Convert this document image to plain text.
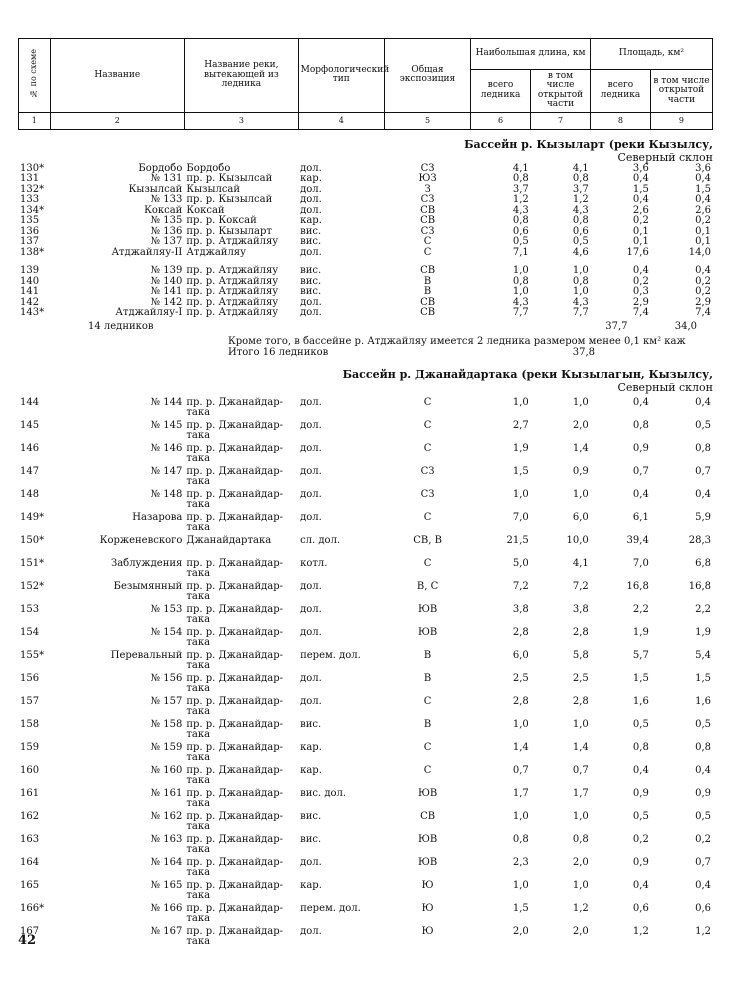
№ по схеме	Название	Название реки, вытекающей из ледника	Морфологический тип	Общая экспозиция	Наибольшая длина, км		Площадь, км²	
					всего ледника	в том числе открытой части	всего ледника	в том числе открытой части
1	2	3	4	5	6	7	8	9
Бассейн р. Кызыларт (реки Кызылсу,
Северный склон
130*	Бордобо	Бордобо	дол.	СЗ	4,1	4,1	3,6	3,6
131	№ 131	пр. р. Кызылсай	кар.	ЮЗ	0,8	0,8	0,4	0,4
132*	Кызылсай	Кызылсай	дол.	З	3,7	3,7	1,5	1,5
133	№ 133	пр. р. Кызылсай	дол.	СЗ	1,2	1,2	0,4	0,4
134*	Коксай	Коксай	дол.	СВ	4,3	4,3	2,6	2,6
135	№ 135	пр. р. Коксай	кар.	СВ	0,8	0,8	0,2	0,2
136	№ 136	пр. р. Кызыларт	вис.	СЗ	0,6	0,6	0,1	0,1
137	№ 137	пр. р. Атджайляу	вис.	С	0,5	0,5	0,1	0,1
138*	Атджайляу-II	Атджайляу	дол.	С	7,1	4,6	17,6	14,0
139	№ 139	пр. р. Атджайляу	вис.	СВ	1,0	1,0	0,4	0,4
140	№ 140	пр. р. Атджайляу	вис.	В	0,8	0,8	0,2	0,2
141	№ 141	пр. р. Атджайляу	вис.	В	1,0	1,0	0,3	0,2
142	№ 142	пр. р. Атджайляу	дол.	СВ	4,3	4,3	2,9	2,9
143*	Атджайляу-I	пр. р. Атджайляу	дол.	СВ	7,7	7,7	7,4	7,4
14 ледников	37,7	34,0
Кроме того, в бассейне р. Атджайляу имеется 2 ледника размером менее 0,1 км² каж
Итого 16 ледников	37,8
Бассейн р. Джанайдартака (реки Кызылагын, Кызылсу,
Северный склон
144	№ 144	пр. р. Джанайдар-така	дол.	С	1,0	1,0	0,4	0,4
145	№ 145	пр. р. Джанайдар-така	дол.	С	2,7	2,0	0,8	0,5
146	№ 146	пр. р. Джанайдар-така	дол.	С	1,9	1,4	0,9	0,8
147	№ 147	пр. р. Джанайдар-така	дол.	СЗ	1,5	0,9	0,7	0,7
148	№ 148	пр. р. Джанайдар-така	дол.	СЗ	1,0	1,0	0,4	0,4
149*	Назарова	пр. р. Джанайдар-така	дол.	С	7,0	6,0	6,1	5,9
150*	Корженевского	Джанайдартака	сл. дол.	СВ, В	21,5	10,0	39,4	28,3
151*	Заблуждения	пр. р. Джанайдар-така	котл.	С	5,0	4,1	7,0	6,8
152*	Безымянный	пр. р. Джанайдар-така	дол.	В, С	7,2	7,2	16,8	16,8
153	№ 153	пр. р. Джанайдар-така	дол.	ЮВ	3,8	3,8	2,2	2,2
154	№ 154	пр. р. Джанайдар-така	дол.	ЮВ	2,8	2,8	1,9	1,9
155*	Перевальный	пр. р. Джанайдар-така	перем. дол.	В	6,0	5,8	5,7	5,4
156	№ 156	пр. р. Джанайдар-така	дол.	В	2,5	2,5	1,5	1,5
157	№ 157	пр. р. Джанайдар-така	дол.	С	2,8	2,8	1,6	1,6
158	№ 158	пр. р. Джанайдар-така	вис.	В	1,0	1,0	0,5	0,5
159	№ 159	пр. р. Джанайдар-така	кар.	С	1,4	1,4	0,8	0,8
160	№ 160	пр. р. Джанайдар-така	кар.	С	0,7	0,7	0,4	0,4
161	№ 161	пр. р. Джанайдар-така	вис. дол.	ЮВ	1,7	1,7	0,9	0,9
162	№ 162	пр. р. Джанайдар-така	вис.	СВ	1,0	1,0	0,5	0,5
163	№ 163	пр. р. Джанайдар-така	вис.	ЮВ	0,8	0,8	0,2	0,2
164	№ 164	пр. р. Джанайдар-така	дол.	ЮВ	2,3	2,0	0,9	0,7
165	№ 165	пр. р. Джанайдар-така	кар.	Ю	1,0	1,0	0,4	0,4
166*	№ 166	пр. р. Джанайдар-така	перем. дол.	Ю	1,5	1,2	0,6	0,6
167	№ 167	пр. р. Джанайдар-така	дол.	Ю	2,0	2,0	1,2	1,2
42
